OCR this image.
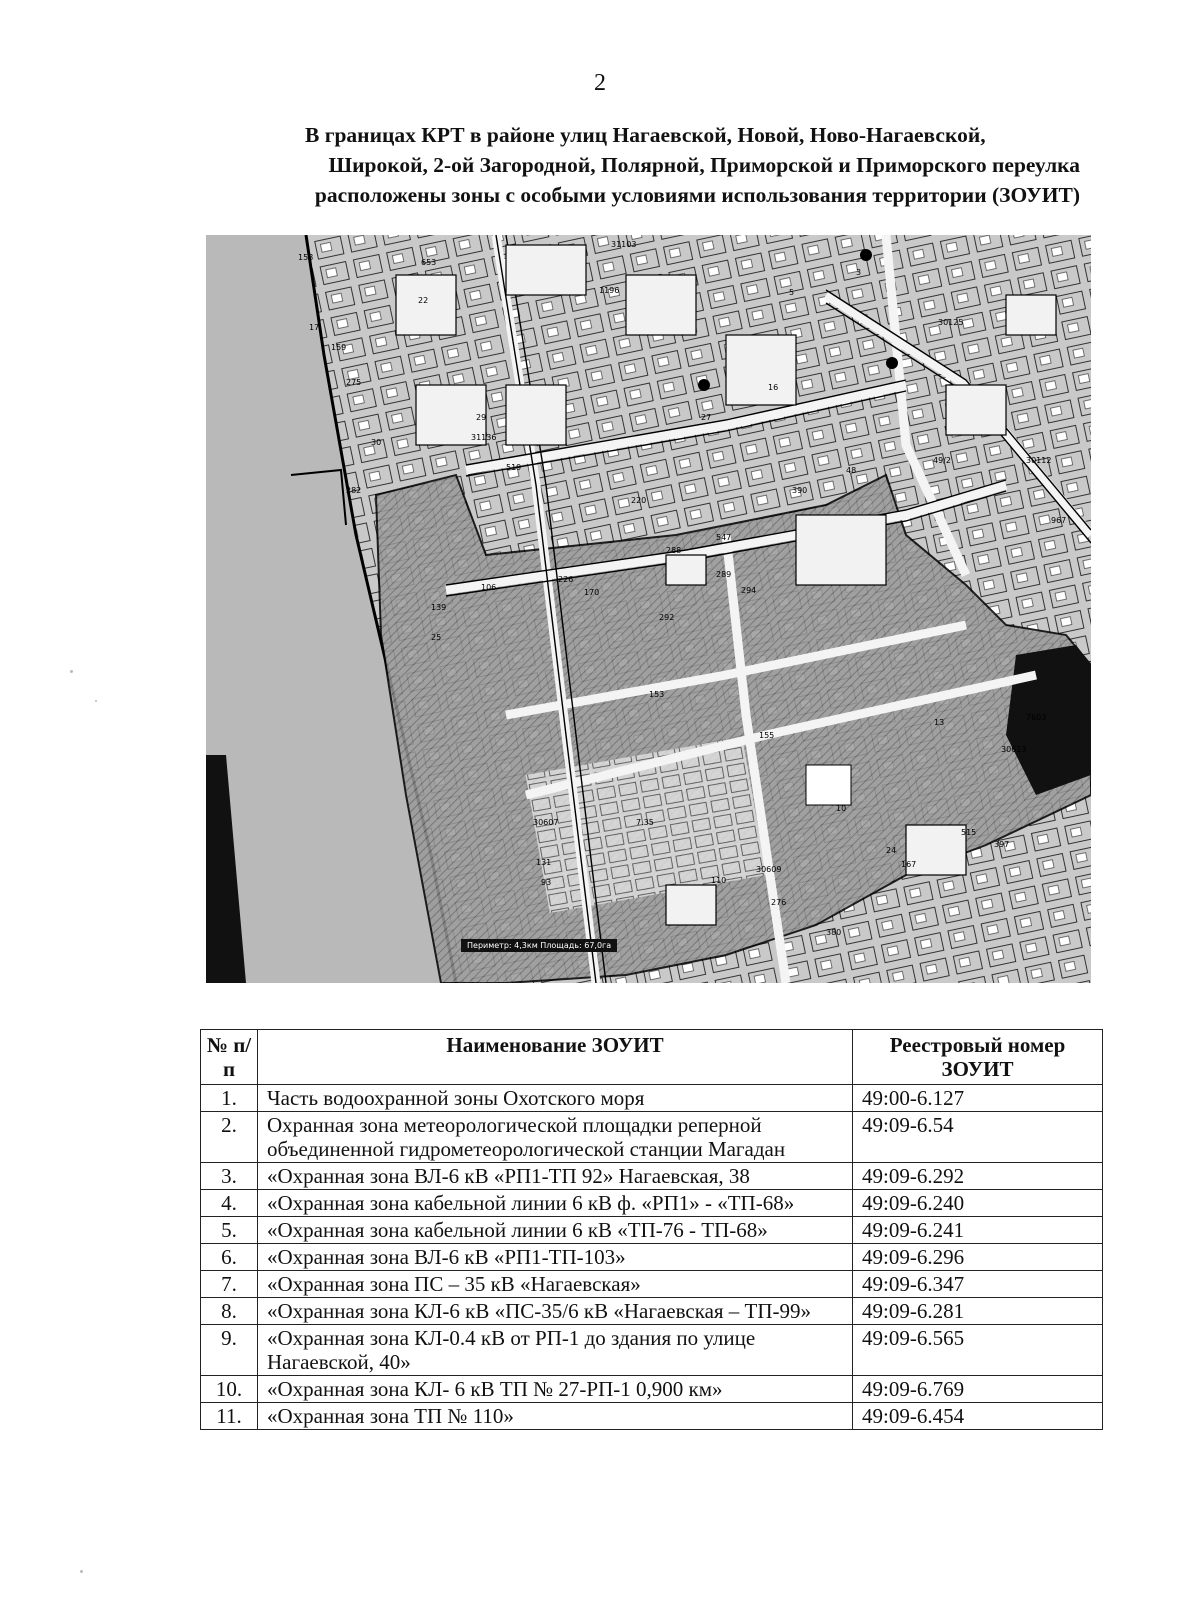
2
В границах КРТ в районе улиц Нагаевской, Новой, Ново-Нагаевской,
Широкой, 2-ой Загородной, Полярной, Приморской и Приморского переулка
расположены зоны с особыми условиями использования территории (ЗОУИТ)
31103
1196
653
22
29
519
31136
30
282
139
25
27
220
288
289
294
547
226
170
292
106
153
155
390
93
131
7.35
30607
30609
10
13
515
397
7603
30613
24
167
110
276
380
30125
30112
967
49/2
48
158
159
275
17
16
5
3
Периметр: 4,3км Площадь: 67,0га
№ п/п	Наименование ЗОУИТ	Реестровый номер ЗОУИТ
1.	Часть водоохранной зоны Охотского моря	49:00-6.127
2.	Охранная зона метеорологической площадки реперной объединенной гидрометеорологической станции Магадан	49:09-6.54
3.	«Охранная зона ВЛ-6 кВ «РП1-ТП 92» Нагаевская, 38	49:09-6.292
4.	«Охранная зона кабельной линии 6 кВ ф. «РП1» - «ТП-68»	49:09-6.240
5.	«Охранная зона кабельной линии 6 кВ «ТП-76 - ТП-68»	49:09-6.241
6.	«Охранная зона ВЛ-6 кВ «РП1-ТП-103»	49:09-6.296
7.	«Охранная зона ПС – 35 кВ «Нагаевская»	49:09-6.347
8.	«Охранная зона КЛ-6 кВ «ПС-35/6 кВ «Нагаевская – ТП-99»	49:09-6.281
9.	«Охранная зона КЛ-0.4 кВ от РП-1 до здания по улице Нагаевской, 40»	49:09-6.565
10.	«Охранная зона КЛ- 6 кВ ТП № 27-РП-1 0,900 км»	49:09-6.769
11.	«Охранная зона ТП № 110»	49:09-6.454
